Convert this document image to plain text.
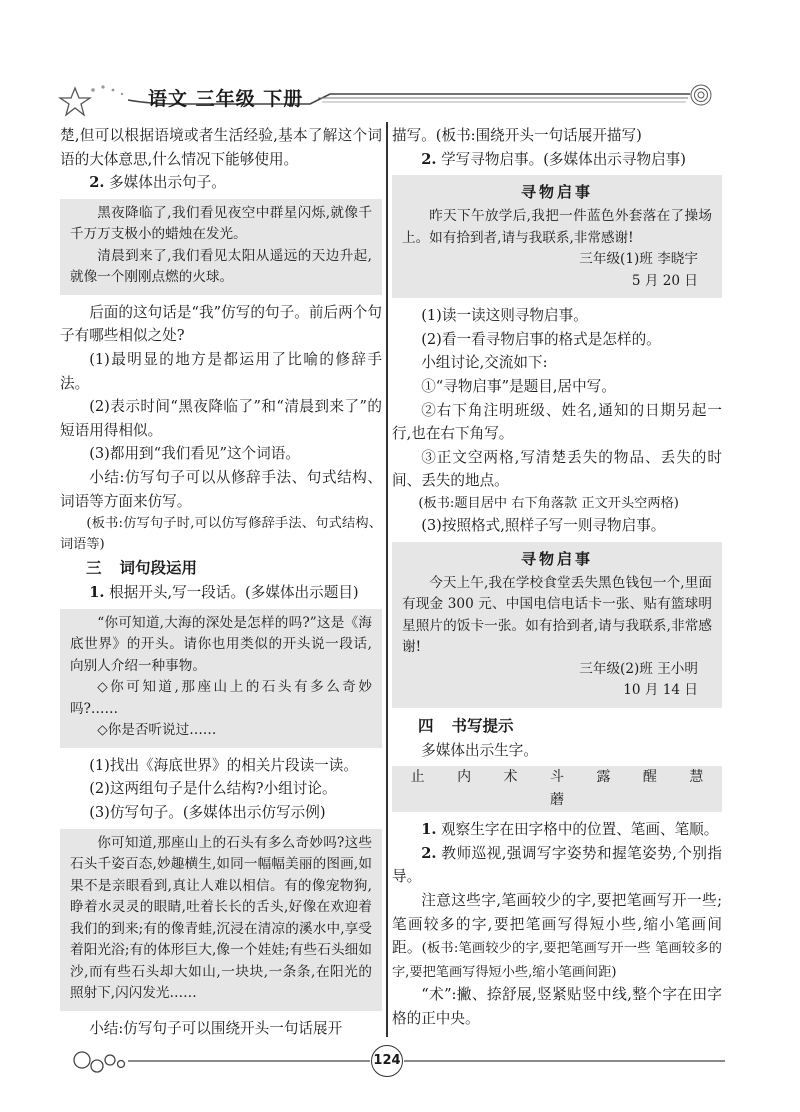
语文 三年级 下册

楚,但可以根据语境或者生活经验,基本了解这个词语的大体意思,什么情况下能够使用。

2. 多媒体出示句子。

黑夜降临了,我们看见夜空中群星闪烁,就像千千万万支极小的蜡烛在发光。

清晨到来了,我们看见太阳从遥远的天边升起,就像一个刚刚点燃的火球。

后面的这句话是“我”仿写的句子。前后两个句子有哪些相似之处?

(1)最明显的地方是都运用了比喻的修辞手法。

(2)表示时间“黑夜降临了”和“清晨到来了”的短语用得相似。

(3)都用到“我们看见”这个词语。

小结:仿写句子可以从修辞手法、句式结构、词语等方面来仿写。

(板书:仿写句子时,可以仿写修辞手法、句式结构、词语等)

三 词句段运用

1. 根据开头,写一段话。(多媒体出示题目)

“你可知道,大海的深处是怎样的吗?”这是《海底世界》的开头。请你也用类似的开头说一段话,向别人介绍一种事物。

◇你可知道,那座山上的石头有多么奇妙吗?……

◇你是否听说过……

(1)找出《海底世界》的相关片段读一读。

(2)这两组句子是什么结构?小组讨论。

(3)仿写句子。(多媒体出示仿写示例)

你可知道,那座山上的石头有多么奇妙吗?这些石头千姿百态,妙趣横生,如同一幅幅美丽的图画,如果不是亲眼看到,真让人难以相信。有的像宠物狗,睁着水灵灵的眼睛,吐着长长的舌头,好像在欢迎着我们的到来;有的像青蛙,沉浸在清凉的溪水中,享受着阳光浴;有的体形巨大,像一个娃娃;有些石头细如沙,而有些石头却大如山,一块块,一条条,在阳光的照射下,闪闪发光……

小结:仿写句子可以围绕开头一句话展开

描写。(板书:围绕开头一句话展开描写)

2. 学写寻物启事。(多媒体出示寻物启事)

寻物启事

昨天下午放学后,我把一件蓝色外套落在了操场上。如有拾到者,请与我联系,非常感谢!

三年级(1)班 李晓宇

5 月 20 日

(1)读一读这则寻物启事。

(2)看一看寻物启事的格式是怎样的。

小组讨论,交流如下:

①“寻物启事”是题目,居中写。

②右下角注明班级、姓名,通知的日期另起一行,也在右下角写。

③正文空两格,写清楚丢失的物品、丢失的时间、丢失的地点。

(板书:题目居中 右下角落款 正文开头空两格)

(3)按照格式,照样子写一则寻物启事。

寻物启事

今天上午,我在学校食堂丢失黑色钱包一个,里面有现金 300 元、中国电信电话卡一张、贴有篮球明星照片的饭卡一张。如有拾到者,请与我联系,非常感谢!

三年级(2)班 王小明

10 月 14 日

四 书写提示

多媒体出示生字。

止 内 术 斗 露 醒 慧 蘑

1. 观察生字在田字格中的位置、笔画、笔顺。

2. 教师巡视,强调写字姿势和握笔姿势,个别指导。

注意这些字,笔画较少的字,要把笔画写开一些;笔画较多的字,要把笔画写得短小些,缩小笔画间距。(板书:笔画较少的字,要把笔画写开一些 笔画较多的字,要把笔画写得短小些,缩小笔画间距)

“术”:撇、捺舒展,竖紧贴竖中线,整个字在田字格的正中央。

124
